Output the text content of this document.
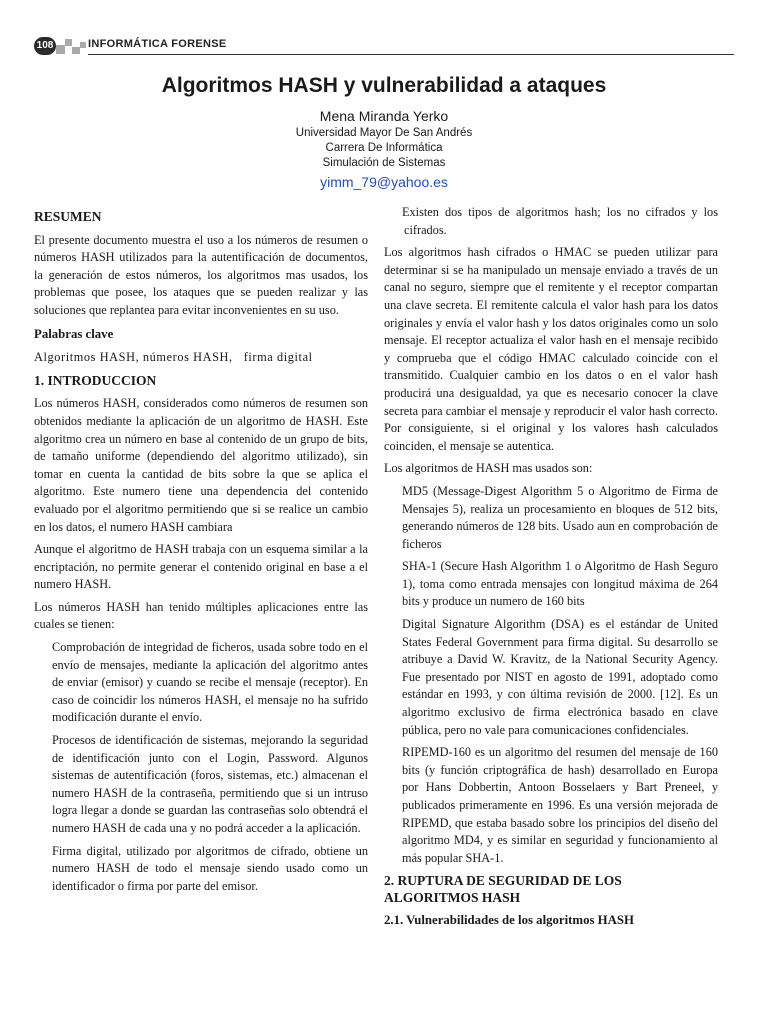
108	INFORMÁTICA FORENSE
Algoritmos HASH y vulnerabilidad a ataques
Mena Miranda Yerko
Universidad Mayor De San Andrés
Carrera De Informática
Simulación de Sistemas
yimm_79@yahoo.es
RESUMEN

El presente documento muestra el uso a los números de resumen o números HASH utilizados para la autentificación de documentos, la generación de estos números, los algoritmos mas usados, los problemas que posee, los ataques que se pueden realizar y las soluciones que replantea para evitar inconvenientes en su uso.

Palabras clave

Algoritmos HASH, números HASH,   firma digital

1. INTRODUCCION

Los números HASH, considerados como números de resumen son obtenidos mediante la aplicación de un algoritmo de HASH. Este algoritmo crea un número en base al contenido de un grupo de bits, de tamaño uniforme (dependiendo del algoritmo utilizado), sin tomar en cuenta la cantidad de bits sobre la que se aplica el algoritmo. Este numero tiene una dependencia del contenido evaluado por el algoritmo permitiendo que si se realice un cambio en los datos, el numero HASH cambiara

Aunque el algoritmo de HASH trabaja con un esquema similar a la encriptación, no permite generar el contenido original en base a el numero HASH.

Los números HASH han tenido múltiples aplicaciones entre las cuales se tienen:

Comprobación de integridad de ficheros, usada sobre todo en el envío de mensajes, mediante la aplicación del algoritmo antes de enviar (emisor) y cuando se recibe el mensaje (receptor). En caso de coincidir los números HASH, el mensaje no ha sufrido modificación durante el envío.

Procesos de identificación de sistemas, mejorando la seguridad de identificación junto con el Login, Password. Algunos sistemas de autentificación (foros, sistemas, etc.) almacenan el numero HASH de la contraseña, permitiendo que si un intruso logra llegar a donde se guardan las contraseñas solo obtendrá el numero HASH de cada una y no podrá acceder a la aplicación.

Firma digital, utilizado por algoritmos de cifrado, obtiene un numero HASH de todo el mensaje siendo usado como un identificador o firma por parte del emisor.

Existen dos tipos de algoritmos hash; los no cifrados y los cifrados.

Los algoritmos hash cifrados o HMAC se pueden utilizar para determinar si se ha manipulado un mensaje enviado a través de un canal no seguro, siempre que el remitente y el receptor compartan una clave secreta. El remitente calcula el valor hash para los datos originales y envía el valor hash y los datos originales como un solo mensaje. El receptor actualiza el valor hash en el mensaje recibido y comprueba que el código HMAC calculado coincide con el transmitido. Cualquier cambio en los datos o en el valor hash producirá una desigualdad, ya que es necesario conocer la clave secreta para cambiar el mensaje y reproducir el valor hash correcto. Por consiguiente, si el original y los valores hash calculados coinciden, el mensaje se autentica.

Los algoritmos de HASH mas usados son:

MD5 (Message-Digest Algorithm 5 o Algoritmo de Firma de Mensajes 5), realiza un procesamiento en bloques de 512 bits, generando números de 128 bits. Usado aun en comprobación de ficheros

SHA-1 (Secure Hash Algorithm 1 o Algoritmo de Hash Seguro 1), toma como entrada mensajes con longitud máxima de 264 bits y produce un numero de 160 bits

Digital Signature Algorithm (DSA) es el estándar de United States Federal Government para firma digital. Su desarrollo se atribuye a David W. Kravitz, de la National Security Agency. Fue presentado por NIST en agosto de 1991, adoptado como estándar en 1993, y con última revisión de 2000. [12]. Es un algoritmo exclusivo de firma electrónica basado en clave pública, pero no vale para comunicaciones confidenciales.

RIPEMD-160 es un algoritmo del resumen del mensaje de 160 bits (y función criptográfica de hash) desarrollado en Europa por Hans Dobbertin, Antoon Bosselaers y Bart Preneel, y publicados primeramente en 1996. Es una versión mejorada de RIPEMD, que estaba basado sobre los principios del diseño del algoritmo MD4, y es similar en seguridad y funcionamiento al más popular SHA-1.

2. RUPTURA DE SEGURIDAD DE LOS ALGORITMOS HASH
2.1. Vulnerabilidades de los algoritmos HASH
